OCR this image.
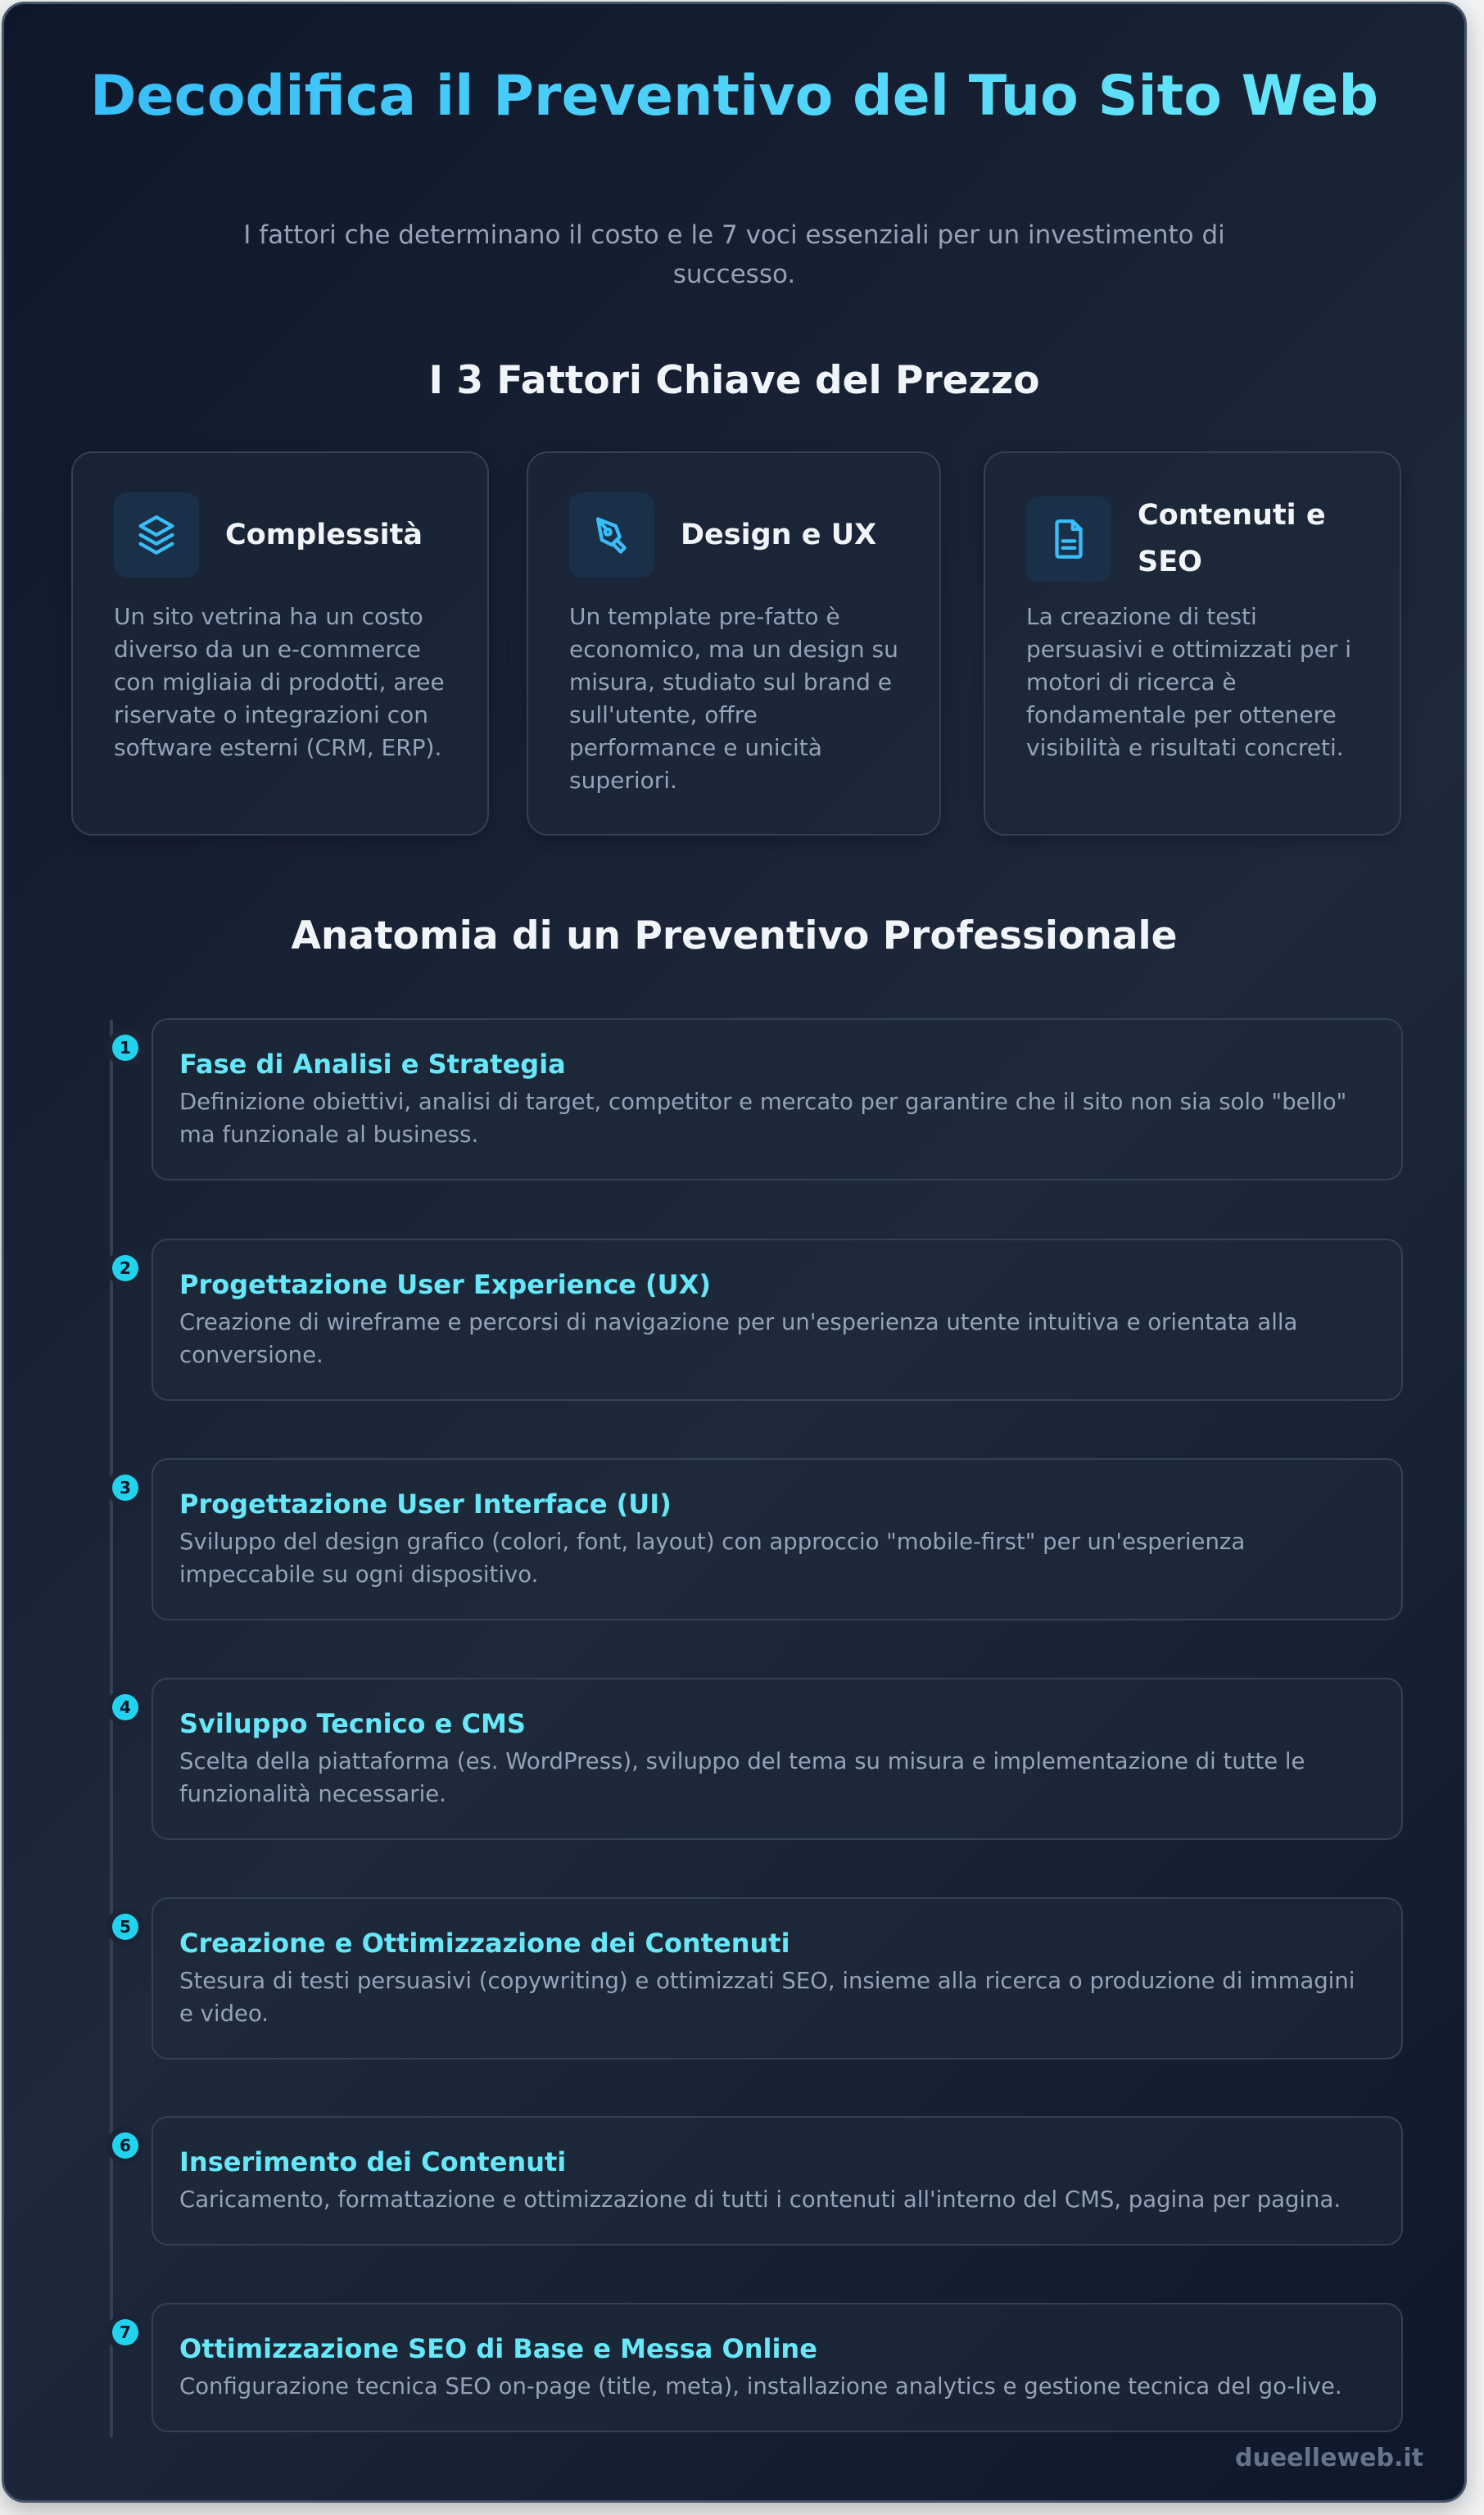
Decodifica il Preventivo del Tuo Sito Web

I fattori che determinano il costo e le 7 voci essenziali per un investimento di successo.

I 3 Fattori Chiave del Prezzo
Complessità

Un sito vetrina ha un costo diverso da un e-commerce con migliaia di prodotti, aree riservate o integrazioni con software esterni (CRM, ERP).

Design e UX

Un template pre-fatto è economico, ma un design su misura, studiato sul brand e sull'utente, offre performance e unicità superiori.

Contenuti e SEO

La creazione di testi persuasivi e ottimizzati per i motori di ricerca è fondamentale per ottenere visibilità e risultati concreti.

Anatomia di un Preventivo Professionale
1
Fase di Analisi e Strategia
Definizione obiettivi, analisi di target, competitor e mercato per garantire che il sito non sia solo "bello" ma funzionale al business.
2
Progettazione User Experience (UX)
Creazione di wireframe e percorsi di navigazione per un'esperienza utente intuitiva e orientata alla conversione.
3
Progettazione User Interface (UI)
Sviluppo del design grafico (colori, font, layout) con approccio "mobile-first" per un'esperienza impeccabile su ogni dispositivo.
4
Sviluppo Tecnico e CMS
Scelta della piattaforma (es. WordPress), sviluppo del tema su misura e implementazione di tutte le funzionalità necessarie.
5
Creazione e Ottimizzazione dei Contenuti
Stesura di testi persuasivi (copywriting) e ottimizzati SEO, insieme alla ricerca o produzione di immagini e video.
6
Inserimento dei Contenuti
Caricamento, formattazione e ottimizzazione di tutti i contenuti all'interno del CMS, pagina per pagina.
7
Ottimizzazione SEO di Base e Messa Online
Configurazione tecnica SEO on-page (title, meta), installazione analytics e gestione tecnica del go-live.
dueelleweb.it
